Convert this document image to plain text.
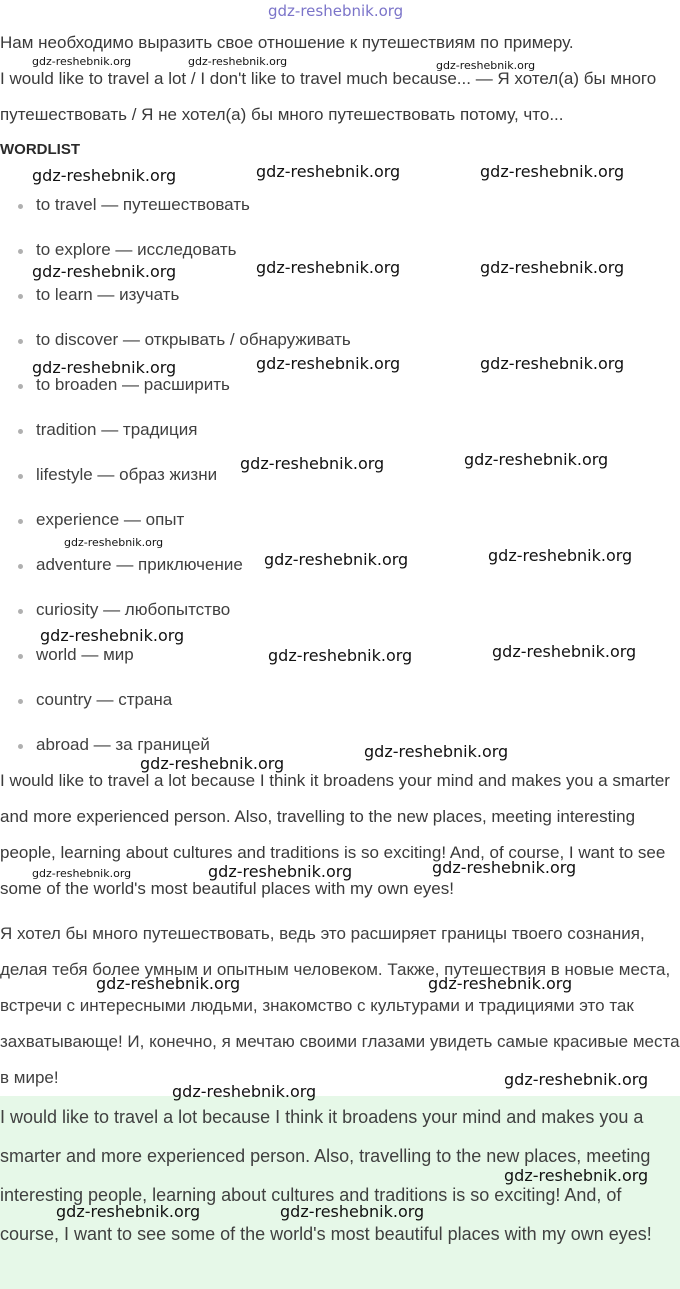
gdz-reshebnik.org

Нам необходимо выразить свое отношение к путешествиям по примеру.

I would like to travel a lot / I don't like to travel much because... — Я хотел(а) бы много путешествовать / Я не хотел(а) бы много путешествовать потому, что...

WORDLIST
to travel — путешествовать
to explore — исследовать
to learn — изучать
to discover — открывать / обнаруживать
to broaden — расширить
tradition — традиция
lifestyle — образ жизни
experience — опыт
adventure — приключение
curiosity — любопытство
world — мир
country — страна
abroad — за границей

I would like to travel a lot because I think it broadens your mind and makes you a smarter and more experienced person. Also, travelling to the new places, meeting interesting people, learning about cultures and traditions is so exciting! And, of course, I want to see some of the world's most beautiful places with my own eyes!

Я хотел бы много путешествовать, ведь это расширяет границы твоего сознания, делая тебя более умным и опытным человеком. Также, путешествия в новые места, встречи с интересными людьми, знакомство с культурами и традициями это так захватывающе! И, конечно, я мечтаю своими глазами увидеть самые красивые места в мире!

I would like to travel a lot because I think it broadens your mind and makes you a smarter and more experienced person. Also, travelling to the new places, meeting interesting people, learning about cultures and traditions is so exciting! And, of course, I want to see some of the world's most beautiful places with my own eyes!

gdz-reshebnik.org	gdz-reshebnik.org	gdz-reshebnik.org
gdz-reshebnik.org	gdz-reshebnik.org	gdz-reshebnik.org
gdz-reshebnik.org	gdz-reshebnik.org	gdz-reshebnik.org
gdz-reshebnik.org	gdz-reshebnik.org	gdz-reshebnik.org
gdz-reshebnik.org	gdz-reshebnik.org
gdz-reshebnik.org
gdz-reshebnik.org	gdz-reshebnik.org
gdz-reshebnik.org
gdz-reshebnik.org	gdz-reshebnik.org
gdz-reshebnik.org
gdz-reshebnik.org
gdz-reshebnik.org	gdz-reshebnik.org	gdz-reshebnik.org
gdz-reshebnik.org	gdz-reshebnik.org
gdz-reshebnik.org
gdz-reshebnik.org
gdz-reshebnik.org
gdz-reshebnik.org	gdz-reshebnik.org
